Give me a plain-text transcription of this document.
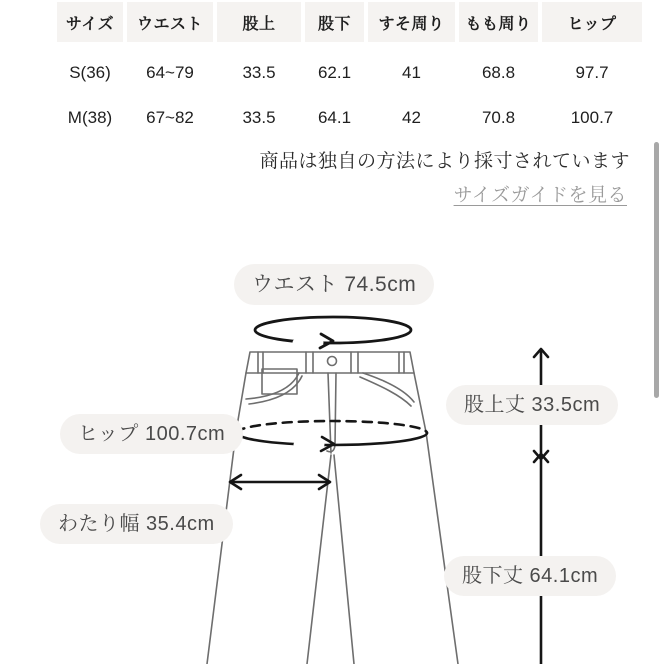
サイズ	ウエスト	股上	股下	すそ周り	もも周り	ヒップ
S(36)	64~79	33.5	62.1	41	68.8	97.7
M(38)	67~82	33.5	64.1	42	70.8	100.7
商品は独自の方法により採寸されています
サイズガイドを見る
ウエスト 74.5cm
ヒップ 100.7cm
わたり幅 35.4cm
股上丈 33.5cm
股下丈 64.1cm
